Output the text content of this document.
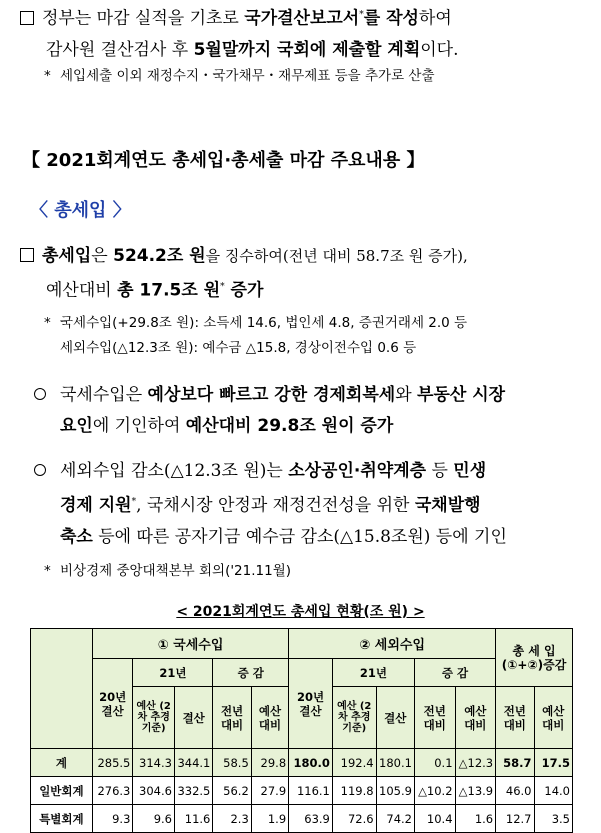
정부는 마감 실적을 기초로 국가결산보고서*를 작성하여
감사원 결산검사 후 5월말까지 국회에 제출할 계획이다.
* 세입세출 이외 재정수지・국가채무・재무제표 등을 추가로 산출
【 2021회계연도 총세입·총세출 마감 주요내용 】
〈 총세입 〉
총세입은 524.2조 원을 징수하여(전년 대비 58.7조 원 증가),
예산대비 총 17.5조 원* 증가
* 국세수입(+29.8조 원): 소득세 14.6, 법인세 4.8, 증권거래세 2.0 등
세외수입(△12.3조 원): 예수금 △15.8, 경상이전수입 0.6 등
국세수입은 예상보다 빠르고 강한 경제회복세와 부동산 시장
요인에 기인하여 예산대비 29.8조 원이 증가
세외수입 감소(△12.3조 원)는 소상공인·취약계층 등 민생
경제 지원*, 국채시장 안정과 재정건전성을 위한 국채발행
축소 등에 따른 공자기금 예수금 감소(△15.8조원) 등에 기인
* 비상경제 중앙대책본부 회의('21.11월)
< 2021회계연도 총세입 현황(조 원) >
	① 국세수입					② 세외수입					총 세 입 (①+②)증감	
	20년 결산	21년		증 감		20년 결산	21년		증 감			
		예산 (2차 추경기준)	결산	전년 대비	예산 대비		예산 (2차 추경기준)	결산	전년 대비	예산 대비	전년 대비	예산 대비
계	285.5	314.3	344.1	58.5	29.8	180.0	192.4	180.1	0.1	△12.3	58.7	17.5
일반회계	276.3	304.6	332.5	56.2	27.9	116.1	119.8	105.9	△10.2	△13.9	46.0	14.0
특별회계	9.3	9.6	11.6	2.3	1.9	63.9	72.6	74.2	10.4	1.6	12.7	3.5
